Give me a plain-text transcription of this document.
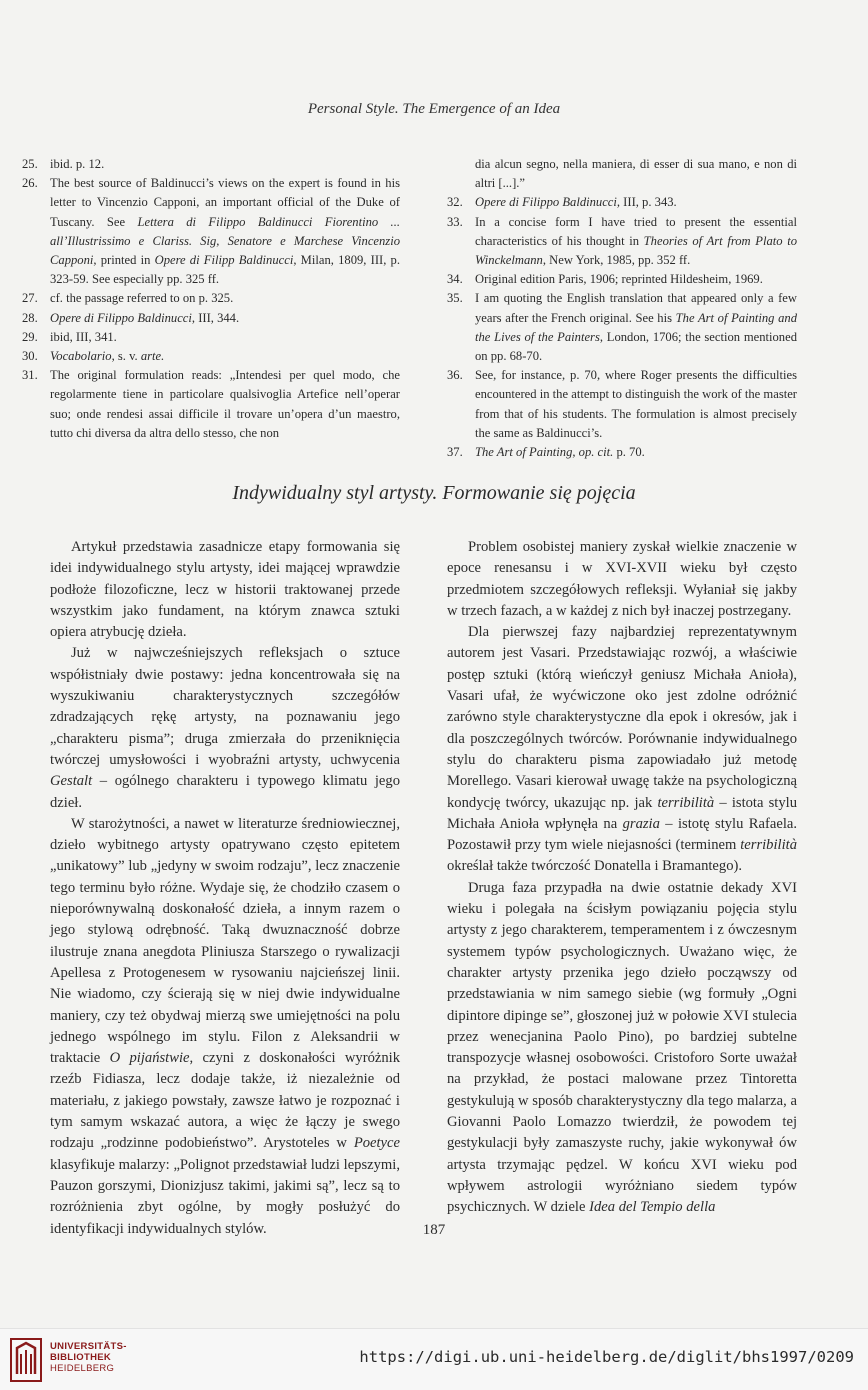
Personal Style. The Emergence of an Idea
25. ibid. p. 12.
26. The best source of Baldinucci’s views on the expert is found in his letter to Vincenzio Capponi, an important official of the Duke of Tuscany. See Lettera di Filippo Baldinucci Fiorentino ... all’Illustrissimo e Clariss. Sig, Senatore e Marchese Vincenzio Capponi, printed in Opere di Filipp Baldinucci, Milan, 1809, III, p. 323-59. See especially pp. 325 ff.
27. cf. the passage referred to on p. 325.
28. Opere di Filippo Baldinucci, III, 344.
29. ibid, III, 341.
30. Vocabolario, s. v. arte.
31. The original formulation reads: „Intendesi per quel modo, che regolarmente tiene in particolare qualsivoglia Artefice nell’operar suo; onde rendesi assai difficile il trovare un’opera d’un maestro, tutto chi diversa da altra dello stesso, che non
dia alcun segno, nella maniera, di esser di sua mano, e non di altri [...].”
32. Opere di Filippo Baldinucci, III, p. 343.
33. In a concise form I have tried to present the essential characteristics of his thought in Theories of Art from Plato to Winckelmann, New York, 1985, pp. 352 ff.
34. Original edition Paris, 1906; reprinted Hildesheim, 1969.
35. I am quoting the English translation that appeared only a few years after the French original. See his The Art of Painting and the Lives of the Painters, London, 1706; the section mentioned on pp. 68-70.
36. See, for instance, p. 70, where Roger presents the difficulties encountered in the attempt to distinguish the work of the master from that of his students. The formulation is almost precisely the same as Baldinucci’s.
37. The Art of Painting, op. cit. p. 70.
Indywidualny styl artysty. Formowanie się pojęcia

Artykuł przedstawia zasadnicze etapy formowania się idei indywidualnego stylu artysty, idei mającej wprawdzie podłoże filozoficzne, lecz w historii traktowanej przede wszystkim jako fundament, na którym znawca sztuki opiera atrybucję dzieła.

Już w najwcześniejszych refleksjach o sztuce współistniały dwie postawy: jedna koncentrowała się na wyszukiwaniu charakterystycznych szczegółów zdradzających rękę artysty, na poznawaniu jego „charakteru pisma”; druga zmierzała do przeniknięcia twórczej umysłowości i wyobraźni artysty, uchwycenia Gestalt – ogólnego charakteru i typowego klimatu jego dzieł.

W starożytności, a nawet w literaturze średniowiecznej, dzieło wybitnego artysty opatrywano często epitetem „unikatowy” lub „jedyny w swoim rodzaju”, lecz znaczenie tego terminu było różne. Wydaje się, że chodziło czasem o nieporównywalną doskonałość dzieła, a innym razem o jego stylową odrębność. Taką dwuznaczność dobrze ilustruje znana anegdota Pliniusza Starszego o rywalizacji Apellesa z Protogenesem w rysowaniu najcieńszej linii. Nie wiadomo, czy ścierają się w niej dwie indywidualne maniery, czy też obydwaj mierzą swe umiejętności na polu jednego wspólnego im stylu. Filon z Aleksandrii w traktacie O pijaństwie, czyni z doskonałości wyróżnik rzeźb Fidiasza, lecz dodaje także, iż niezależnie od materiału, z jakiego powstały, zawsze łatwo je rozpoznać i tym samym wskazać autora, a więc że łączy je swego rodzaju „rodzinne podobieństwo”. Arystoteles w Poetyce klasyfikuje malarzy: „Polignot przedstawiał ludzi lepszymi, Pauzon gorszymi, Dionizjusz takimi, jakimi są”, lecz są to rozróżnienia zbyt ogólne, by mogły posłużyć do identyfikacji indywidualnych stylów.

Problem osobistej maniery zyskał wielkie znaczenie w epoce renesansu i w XVI-XVII wieku był często przedmiotem szczegółowych refleksji. Wyłaniał się jakby w trzech fazach, a w każdej z nich był inaczej postrzegany.

Dla pierwszej fazy najbardziej reprezentatywnym autorem jest Vasari. Przedstawiając rozwój, a właściwie postęp sztuki (którą wieńczył geniusz Michała Anioła), Vasari ufał, że wyćwiczone oko jest zdolne odróżnić zarówno style charakterystyczne dla epok i okresów, jak i dla poszczególnych twórców. Porównanie indywidualnego stylu do charakteru pisma zapowiadało już metodę Morellego. Vasari kierował uwagę także na psychologiczną kondycję twórcy, ukazując np. jak terribilità – istota stylu Michała Anioła wpłynęła na grazia – istotę stylu Rafaela. Pozostawił przy tym wiele niejasności (terminem terribilità określał także twórczość Donatella i Bramantego).

Druga faza przypadła na dwie ostatnie dekady XVI wieku i polegała na ścisłym powiązaniu pojęcia stylu artysty z jego charakterem, temperamentem i z ówczesnym systemem typów psychologicznych. Uważano więc, że charakter artysty przenika jego dzieło począwszy od przedstawiania w nim samego siebie (wg formuły „Ogni dipintore dipinge se”, głoszonej już w połowie XVI stulecia przez wenecjanina Paolo Pino), po bardziej subtelne transpozycje własnej osobowości. Cristoforo Sorte uważał na przykład, że postaci malowane przez Tintoretta gestykulują w sposób charakterystyczny dla tego malarza, a Giovanni Paolo Lomazzo twierdził, że powodem tej gestykulacji były zamaszyste ruchy, jakie wykonywał ów artysta trzymając pędzel. W końcu XVI wieku pod wpływem astrologii wyróżniano siedem typów psychicznych. W dziele Idea del Tempio della

187
UNIVERSITÄTS-
BIBLIOTHEK
HEIDELBERG
https://digi.ub.uni-heidelberg.de/diglit/bhs1997/0209
